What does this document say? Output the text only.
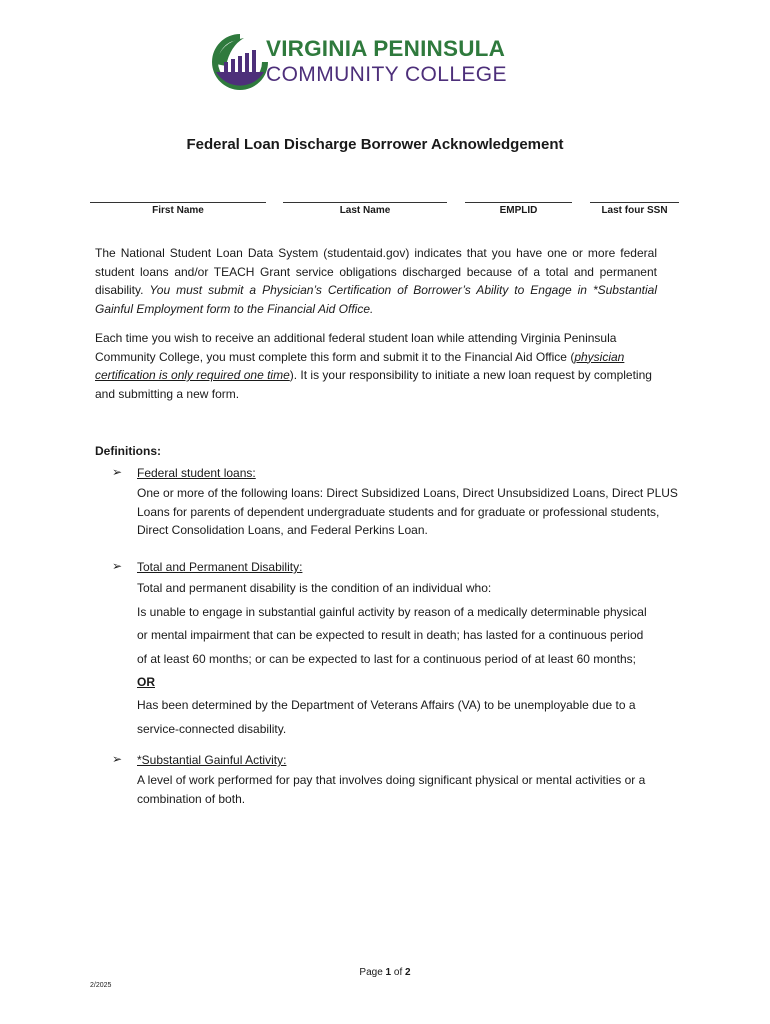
VIRGINIA PENINSULA
COMMUNITY COLLEGE
Federal Loan Discharge Borrower Acknowledgement
First Name	Last Name	EMPLID	Last four SSN
The National Student Loan Data System (studentaid.gov) indicates that you have one or more federal student loans and/or TEACH Grant service obligations discharged because of a total and permanent disability. You must submit a Physician’s Certification of Borrower’s Ability to Engage in *Substantial Gainful Employment form to the Financial Aid Office.
Each time you wish to receive an additional federal student loan while attending Virginia Peninsula Community College, you must complete this form and submit it to the Financial Aid Office (physician certification is only required one time). It is your responsibility to initiate a new loan request by completing and submitting a new form.
Definitions:
➢ Federal student loans:
One or more of the following loans: Direct Subsidized Loans, Direct Unsubsidized Loans, Direct PLUS Loans for parents of dependent undergraduate students and for graduate or professional students, Direct Consolidation Loans, and Federal Perkins Loan.
➢ Total and Permanent Disability:
Total and permanent disability is the condition of an individual who:
Is unable to engage in substantial gainful activity by reason of a medically determinable physical
or mental impairment that can be expected to result in death; has lasted for a continuous period
of at least 60 months; or can be expected to last for a continuous period of at least 60 months;
OR
Has been determined by the Department of Veterans Affairs (VA) to be unemployable due to a
service-connected disability.
➢ *Substantial Gainful Activity:
A level of work performed for pay that involves doing significant physical or mental activities or a combination of both.
Page 1 of 2
2/2025
